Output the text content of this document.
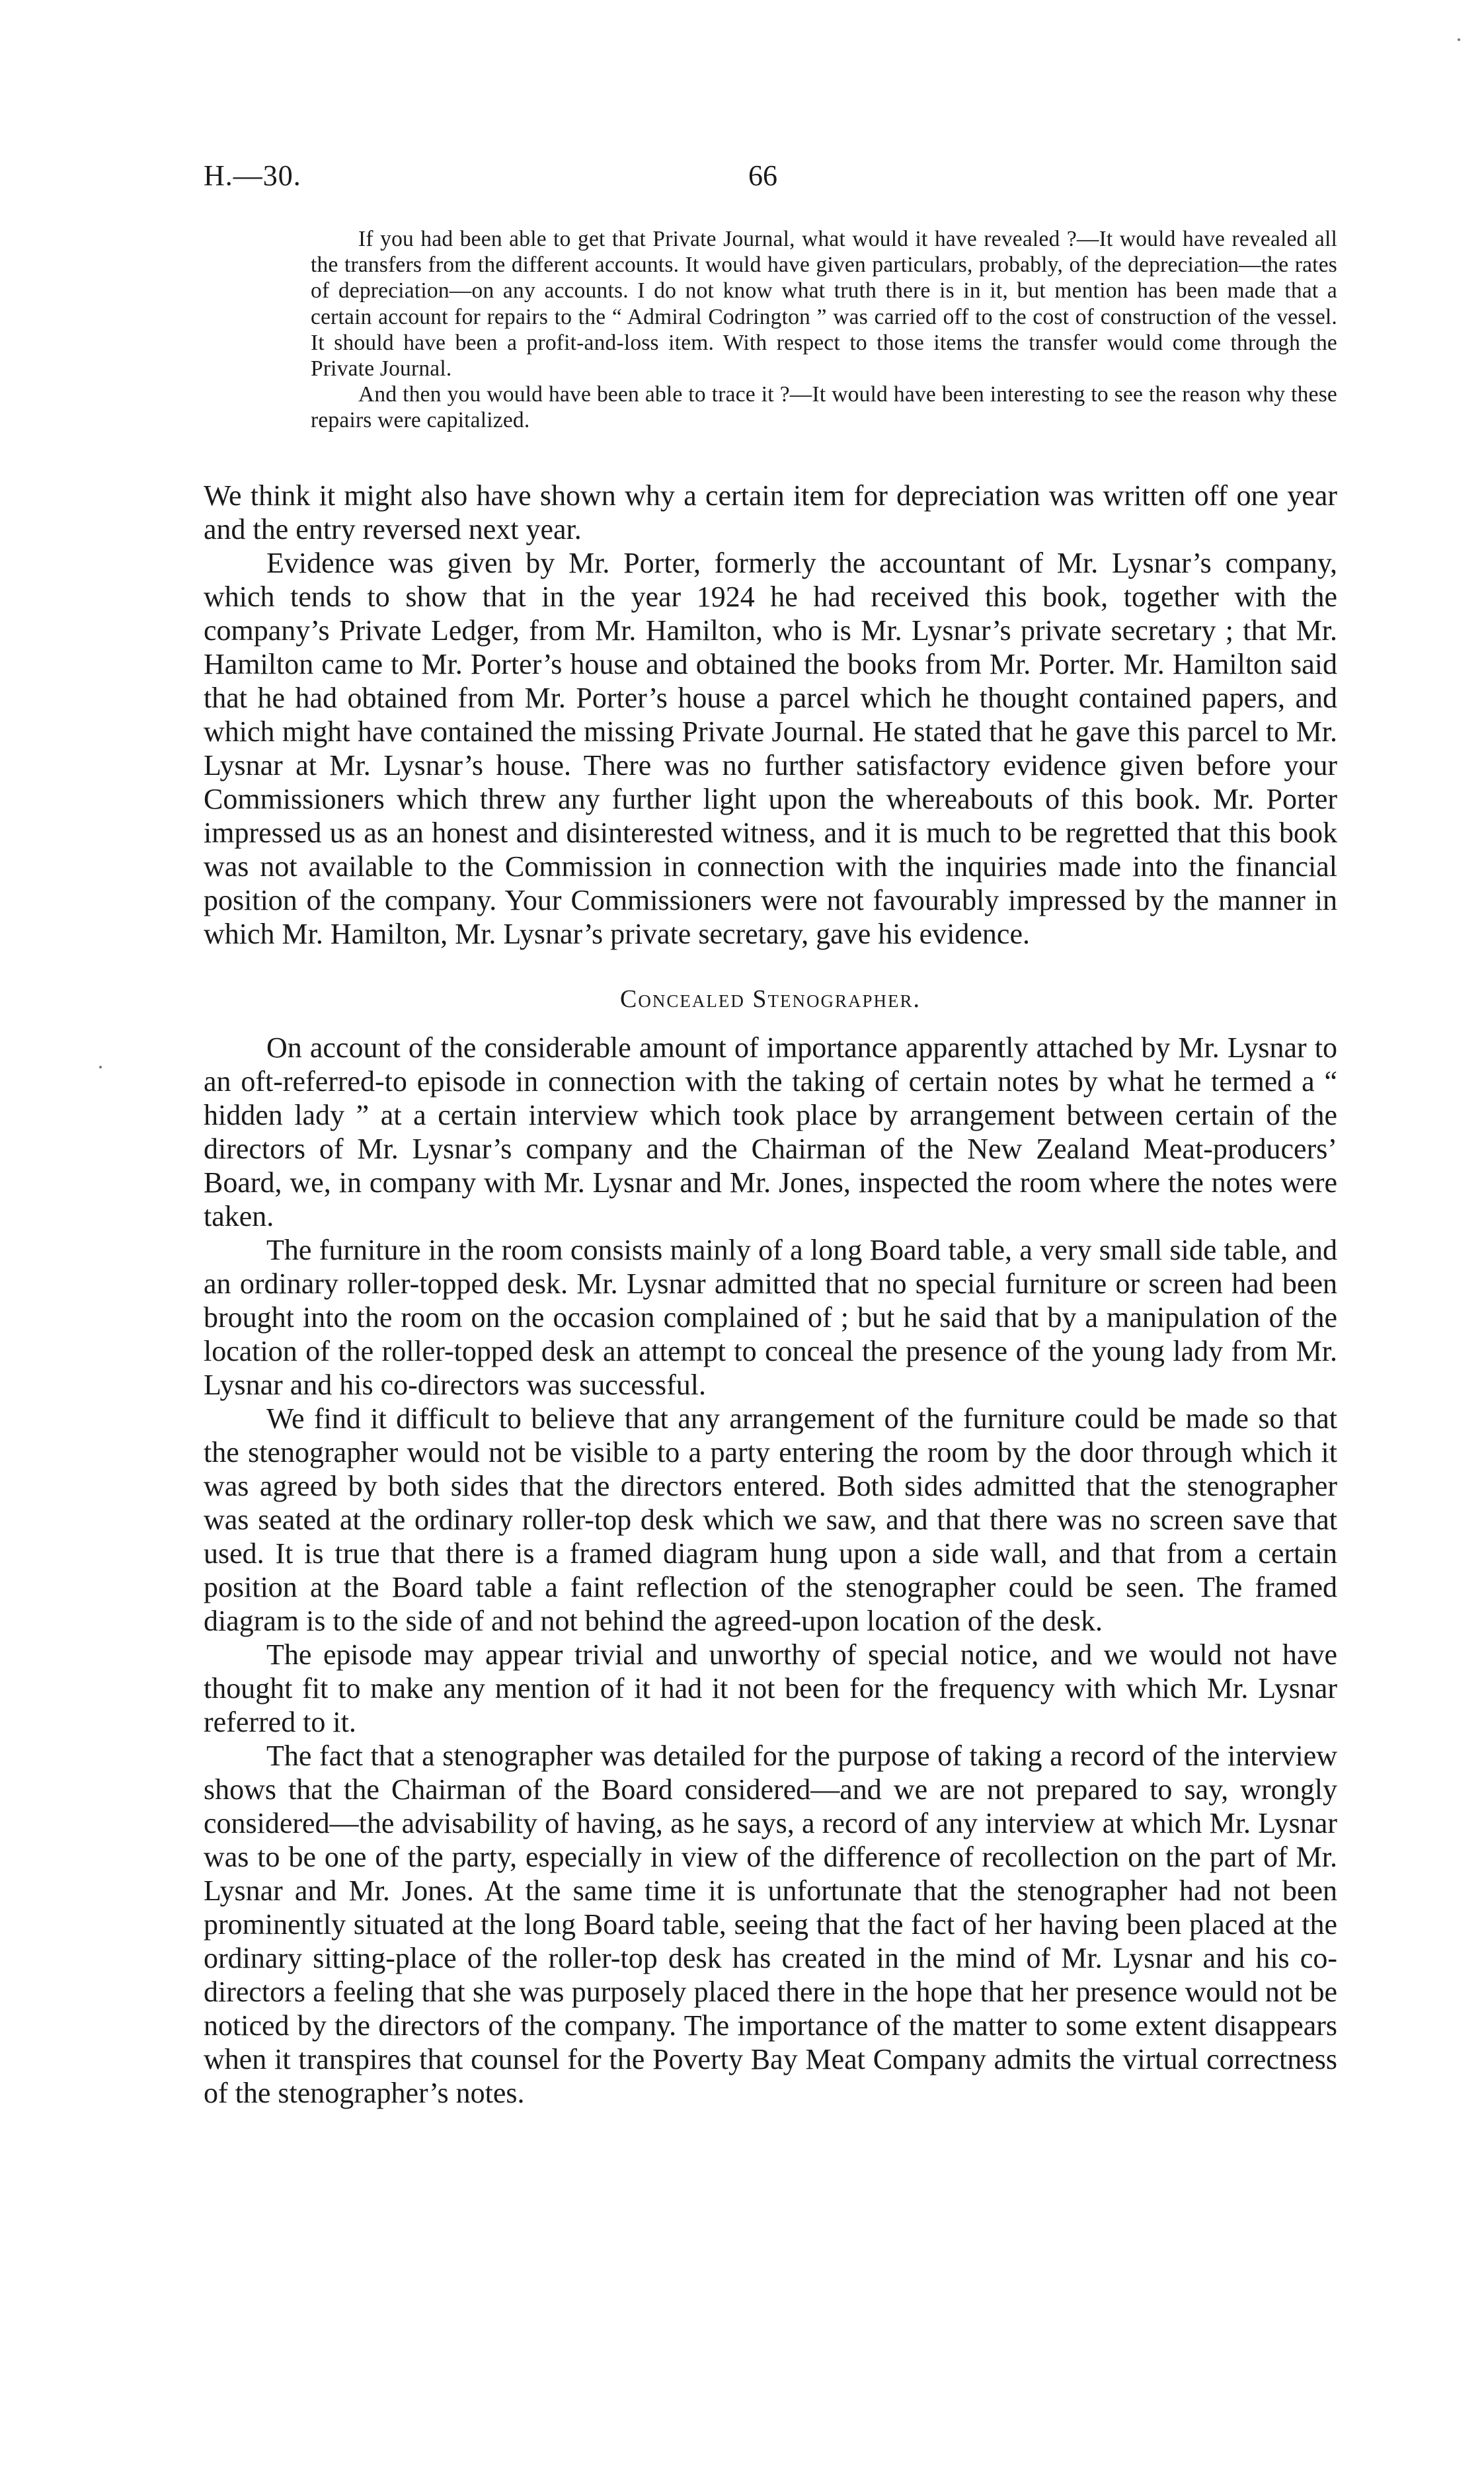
H.—30.	66

If you had been able to get that Private Journal, what would it have revealed ?—It would have revealed all the transfers from the different accounts. It would have given particulars, probably, of the depreciation—the rates of depreciation—on any accounts. I do not know what truth there is in it, but mention has been made that a certain account for repairs to the “ Admiral Codrington ” was carried off to the cost of construction of the vessel. It should have been a profit-and-loss item. With respect to those items the transfer would come through the Private Journal.

And then you would have been able to trace it ?—It would have been interesting to see the reason why these repairs were capitalized.

We think it might also have shown why a certain item for depreciation was written off one year and the entry reversed next year.

Evidence was given by Mr. Porter, formerly the accountant of Mr. Lysnar’s company, which tends to show that in the year 1924 he had received this book, together with the company’s Private Ledger, from Mr. Hamilton, who is Mr. Lysnar’s private secretary ; that Mr. Hamilton came to Mr. Porter’s house and obtained the books from Mr. Porter. Mr. Hamilton said that he had obtained from Mr. Porter’s house a parcel which he thought contained papers, and which might have contained the missing Private Journal. He stated that he gave this parcel to Mr. Lysnar at Mr. Lysnar’s house. There was no further satisfactory evidence given before your Commissioners which threw any further light upon the whereabouts of this book. Mr. Porter impressed us as an honest and disinterested witness, and it is much to be regretted that this book was not available to the Commission in connection with the inquiries made into the financial position of the company. Your Commissioners were not favourably impressed by the manner in which Mr. Hamilton, Mr. Lysnar’s private secretary, gave his evidence.

Concealed Stenographer.

On account of the considerable amount of importance apparently attached by Mr. Lysnar to an oft-referred-to episode in connection with the taking of certain notes by what he termed a “ hidden lady ” at a certain interview which took place by arrangement between certain of the directors of Mr. Lysnar’s company and the Chairman of the New Zealand Meat-producers’ Board, we, in company with Mr. Lysnar and Mr. Jones, inspected the room where the notes were taken.

The furniture in the room consists mainly of a long Board table, a very small side table, and an ordinary roller-topped desk. Mr. Lysnar admitted that no special furniture or screen had been brought into the room on the occasion complained of ; but he said that by a manipulation of the location of the roller-topped desk an attempt to conceal the presence of the young lady from Mr. Lysnar and his co-directors was successful.

We find it difficult to believe that any arrangement of the furniture could be made so that the stenographer would not be visible to a party entering the room by the door through which it was agreed by both sides that the directors entered. Both sides admitted that the stenographer was seated at the ordinary roller-top desk which we saw, and that there was no screen save that used. It is true that there is a framed diagram hung upon a side wall, and that from a certain position at the Board table a faint reflection of the stenographer could be seen. The framed diagram is to the side of and not behind the agreed-upon location of the desk.

The episode may appear trivial and unworthy of special notice, and we would not have thought fit to make any mention of it had it not been for the frequency with which Mr. Lysnar referred to it.

The fact that a stenographer was detailed for the purpose of taking a record of the interview shows that the Chairman of the Board considered—and we are not prepared to say, wrongly considered—the advisability of having, as he says, a record of any interview at which Mr. Lysnar was to be one of the party, especially in view of the difference of recollection on the part of Mr. Lysnar and Mr. Jones. At the same time it is unfortunate that the stenographer had not been prominently situated at the long Board table, seeing that the fact of her having been placed at the ordinary sitting-place of the roller-top desk has created in the mind of Mr. Lysnar and his co-directors a feeling that she was purposely placed there in the hope that her presence would not be noticed by the directors of the company. The importance of the matter to some extent disappears when it transpires that counsel for the Poverty Bay Meat Company admits the virtual correctness of the stenographer’s notes.
